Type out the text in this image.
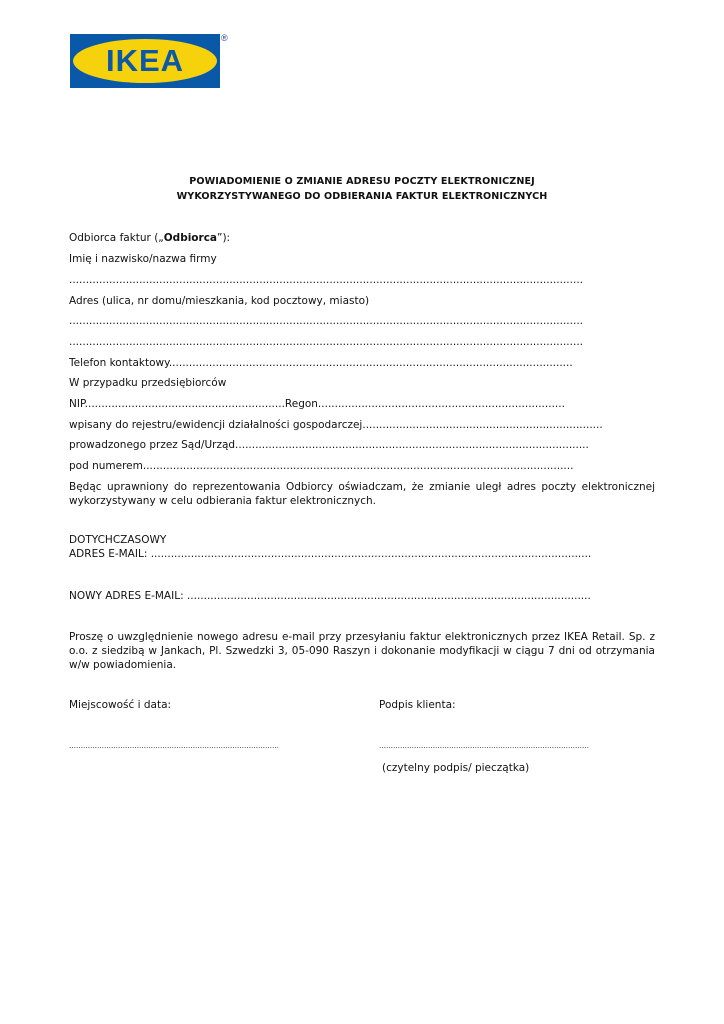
IKEA
®
POWIADOMIENIE O ZMIANIE ADRESU POCZTY ELEKTRONICZNEJ
WYKORZYSTYWANEGO DO ODBIERANIA FAKTUR ELEKTRONICZNYCH
Odbiorca faktur („Odbiorca”):
Imię i nazwisko/nazwa firmy
..........................................................................................................................................................
Adres (ulica, nr domu/mieszkania, kod pocztowy, miasto)
..........................................................................................................................................................
..........................................................................................................................................................
Telefon kontaktowy.........................................................................................................................
W przypadku przedsiębiorców
NIP............................................................Regon..........................................................................
wpisany do rejestru/ewidencji działalności gospodarczej........................................................................
prowadzonego przez Sąd/Urząd..........................................................................................................
pod numerem.................................................................................................................................
Będąc uprawniony do reprezentowania Odbiorcy oświadczam, że zmianie uległ adres poczty elektronicznej wykorzystywany w celu odbierania faktur elektronicznych.
DOTYCHCZASOWY
ADRES E-MAIL: ....................................................................................................................................
NOWY ADRES E-MAIL: .........................................................................................................................
Proszę o uwzględnienie nowego adresu e-mail przy przesyłaniu faktur elektronicznych przez IKEA Retail. Sp. z o.o. z siedzibą w Jankach, Pl. Szwedzki 3, 05-090 Raszyn i dokonanie modyfikacji w ciągu 7 dni od otrzymania w/w powiadomienia.
Miejscowość i data:	Podpis klienta:
………………………………………………………………………………	………………………………………………………………………………
(czytelny podpis/ pieczątka)
